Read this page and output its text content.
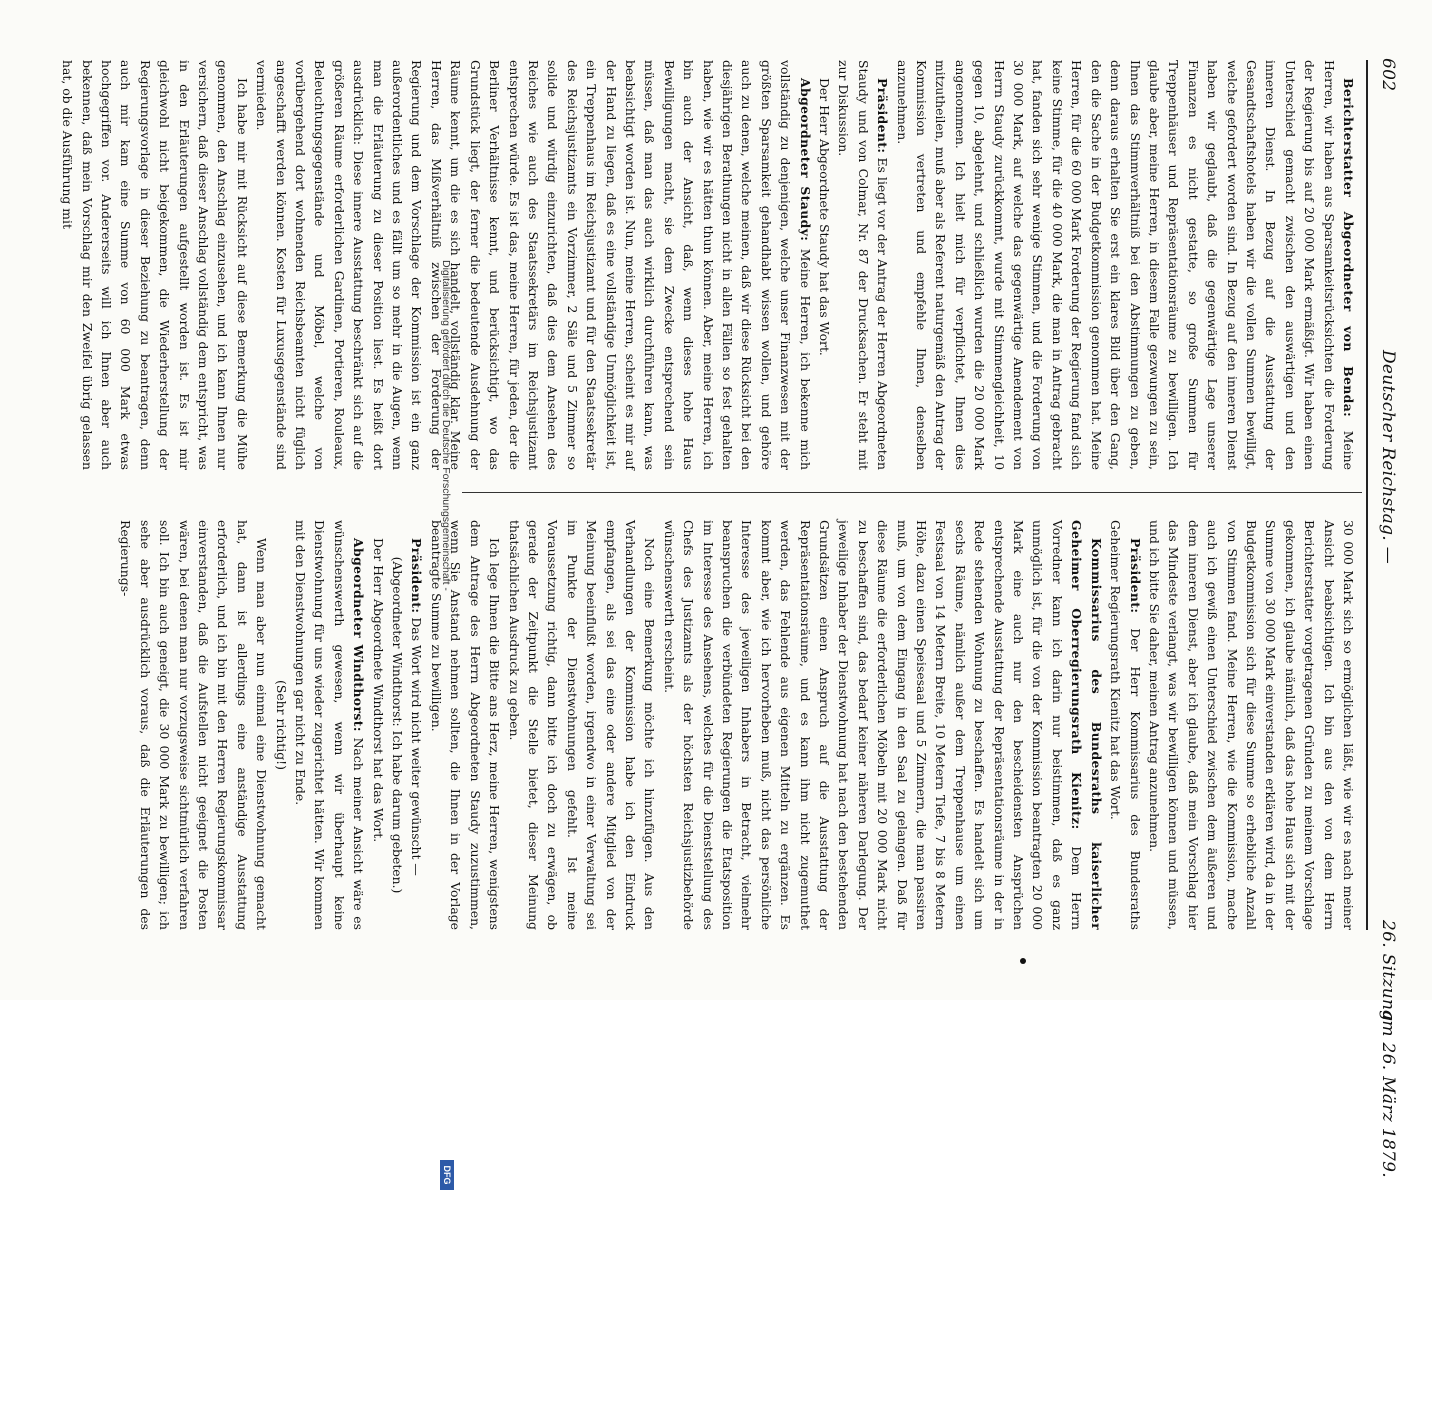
602
Deutscher Reichstag. —
26. Sitzung
am 26. März 1879.

Berichterstatter Abgeordneter von Benda: Meine Herren, wir haben aus Sparsamkeitsrücksichten die Forderung der Regierung bis auf 20 000 Mark ermäßigt. Wir haben einen Unterschied gemacht zwischen den auswärtigen und den inneren Dienst. In Bezug auf die Ausstattung der Gesandtschaftshotels haben wir die vollen Summen bewilligt, welche gefordert worden sind. In Bezug auf den inneren Dienst haben wir geglaubt, daß die gegenwärtige Lage unserer Finanzen es nicht gestatte, so große Summen für Treppenhäuser und Repräsentationsräume zu bewilligen. Ich glaube aber, meine Herren, in diesem Falle gezwungen zu sein, Ihnen das Stimmverhältniß bei den Abstimmungen zu geben, denn daraus erhalten Sie erst ein klares Bild über den Gang, den die Sache in der Budgetkommission genommen hat. Meine Herren, für die 60 000 Mark Forderung der Regierung fand sich keine Stimme, für die 40 000 Mark, die man in Antrag gebracht hat, fanden sich sehr wenige Stimmen, und die Forderung von 30 000 Mark, auf welche das gegenwärtige Amendement von Herrn Staudy zurückkommt, wurde mit Stimmengleichheit, 10 gegen 10, abgelehnt, und schließlich wurden die 20 000 Mark angenommen. Ich hielt mich für verpflichtet, Ihnen dies mitzutheilen, muß aber als Referent naturgemäß den Antrag der Kommission vertreten und empfehle Ihnen, denselben anzunehmen.

Präsident: Es liegt vor der Antrag der Herren Abgeordneten Staudy und von Colmar, Nr. 87 der Drucksachen. Er steht mit zur Diskussion.

Der Herr Abgeordnete Staudy hat das Wort.

Abgeordneter Staudy: Meine Herren, ich bekenne mich vollständig zu denjenigen, welche unser Finanzwesen mit der größten Sparsamkeit gehandhabt wissen wollen, und gehöre auch zu denen, welche meinen, daß wir diese Rücksicht bei den diesjährigen Berathungen nicht in allen Fällen so fest gehalten haben, wie wir es hätten thun können. Aber, meine Herren, ich bin auch der Ansicht, daß, wenn dieses hohe Haus Bewilligungen macht, sie dem Zwecke entsprechend sein müssen, daß man das auch wirklich durchführen kann, was beabsichtigt worden ist. Nun, meine Herren, scheint es mir auf der Hand zu liegen, daß es eine vollständige Unmöglichkeit ist, ein Treppenhaus im Reichsjustizamt und für den Staatssekretär des Reichsjustizamts ein Vorzimmer, 2 Säle und 5 Zimmer so solide und würdig einzurichten, daß dies dem Ansehen des Reiches wie auch des Staatssekretärs im Reichsjustizamt entsprechen würde. Es ist das, meine Herren, für jeden, der die Berliner Verhältnisse kennt, und berücksichtigt, wo das Grundstück liegt, der ferner die bedeutende Ausdehnung der Räume kennt, um die es sich handelt, vollständig klar. Meine Herren, das Mißverhältniß zwischen der Forderung der Regierung und dem Vorschlage der Kommission ist ein ganz außerordentliches und es fällt um so mehr in die Augen, wenn man die Erläuterung zu dieser Position liest. Es heißt dort ausdrücklich: Diese innere Ausstattung beschränkt sich auf die größeren Räume erforderlichen Gardinen, Portieren, Rouleaux, Beleuchtungsgegenstände und Möbel, welche von vorübergehend dort wohnenden Reichsbeamten nicht füglich angeschafft werden können. Kosten für Luxusgegenstände sind vermieden.

Ich habe mir mit Rücksicht auf diese Bemerkung die Mühe genommen, den Anschlag einzusehen, und ich kann Ihnen nur versichern, daß dieser Anschlag vollständig dem entspricht, was in den Erläuterungen aufgestellt worden ist. Es ist mir gleichwohl nicht beigekommen, die Wiederherstellung der Regierungsvorlage in dieser Beziehung zu beantragen, denn auch mir kam eine Summe von 60 000 Mark etwas hochgegriffen vor. Andererseits will ich Ihnen aber auch bekennen, daß mein Vorschlag mir den Zweifel übrig gelassen hat, ob die Ausführung mit

30 000 Mark sich so ermöglichen läßt, wie wir es nach meiner Ansicht beabsichtigen. Ich bin aus den von dem Herrn Berichterstatter vorgetragenen Gründen zu meinem Vorschlage gekommen, ich glaube nämlich, daß das hohe Haus sich mit der Summe von 30 000 Mark einverstanden erklären wird, da in der Budgetkommission sich für diese Summe so erhebliche Anzahl von Stimmen fand. Meine Herren, wie die Kommission, mache auch ich gewiß einen Unterschied zwischen dem äußeren und dem inneren Dienst, aber ich glaube, daß mein Vorschlag hier das Mindeste verlangt, was wir bewilligen können und müssen, und ich bitte Sie daher, meinen Antrag anzunehmen.

Präsident: Der Herr Kommissarius des Bundesraths Geheimer Regierungsrath Kienitz hat das Wort.

Kommissarius des Bundesraths kaiserlicher Geheimer Oberregierungsrath Kienitz: Dem Herrn Vorredner kann ich darin nur beistimmen, daß es ganz unmöglich ist, für die von der Kommission beantragten 20 000 Mark eine auch nur den bescheidensten Ansprüchen entsprechende Ausstattung der Repräsentationsräume in der in Rede stehenden Wohnung zu beschaffen. Es handelt sich um sechs Räume, nämlich außer dem Treppenhause um einen Festsaal von 14 Metern Breite, 10 Metern Tiefe, 7 bis 8 Metern Höhe, dazu einen Speisesaal und 5 Zimmern, die man passiren muß, um von dem Eingang in den Saal zu gelangen. Daß für diese Räume die erforderlichen Möbeln mit 20 000 Mark nicht zu beschaffen sind, das bedarf keiner näheren Darlegung. Der jeweilige Inhaber der Dienstwohnung hat nach den bestehenden Grundsätzen einen Anspruch auf die Ausstattung der Repräsentationsräume, und es kann ihm nicht zugemuthet werden, das Fehlende aus eigenen Mitteln zu ergänzen. Es kommt aber, wie ich hervorheben muß, nicht das persönliche Interesse des jeweiligen Inhabers in Betracht, vielmehr beanspruchen die verbündeten Regierungen die Etatsposition im Interesse des Ansehens, welches für die Dienststellung des Chefs des Justizamts als der höchsten Reichsjustizbehörde wünschenswerth erscheint.

Noch eine Bemerkung möchte ich hinzufügen. Aus den Verhandlungen der Kommission habe ich den Eindruck empfangen, als sei das eine oder andere Mitglied von der Meinung beeinflußt worden, irgendwo in einer Verwaltung sei im Punkte der Dienstwohnungen gefehlt. Ist meine Voraussetzung richtig, dann bitte ich doch zu erwägen, ob gerade der Zeitpunkt die Stelle bietet, dieser Meinung thatsächlichen Ausdruck zu geben.

Ich lege Ihnen die Bitte ans Herz, meine Herren, wenigstens dem Antrage des Herrn Abgeordneten Staudy zuzustimmen, wenn Sie Anstand nehmen sollten, die Ihnen in der Vorlage beantragte Summe zu bewilligen.

Präsident: Das Wort wird nicht weiter gewünscht —

(Abgeordneter Windthorst: Ich habe darum gebeten.)

Der Herr Abgeordnete Windthorst hat das Wort.

Abgeordneter Windthorst: Nach meiner Ansicht wäre es wünschenswerth gewesen, wenn wir überhaupt keine Dienstwohnung für uns wieder zugerichtet hätten. Wir kommen mit den Dienstwohnungen gar nicht zu Ende.

(Sehr richtig!)

Wenn man aber nun einmal eine Dienstwohnung gemacht hat, dann ist allerdings eine anständige Ausstattung erforderlich, und ich bin mit den Herren Regierungskommissar einverstanden, daß die Aufstellen nicht geeignet die Posten wären, bei denen man nur vorzugsweise sichtmürlich verfahren soll. Ich bin auch geneigt, die 30 000 Mark zu bewilligen; ich sehe aber ausdrücklich voraus, daß die Erläuterungen des Regierungs-	Digitalisierung gefördert durch die Deutsche Forschungsgemeinschaft -
DFG
